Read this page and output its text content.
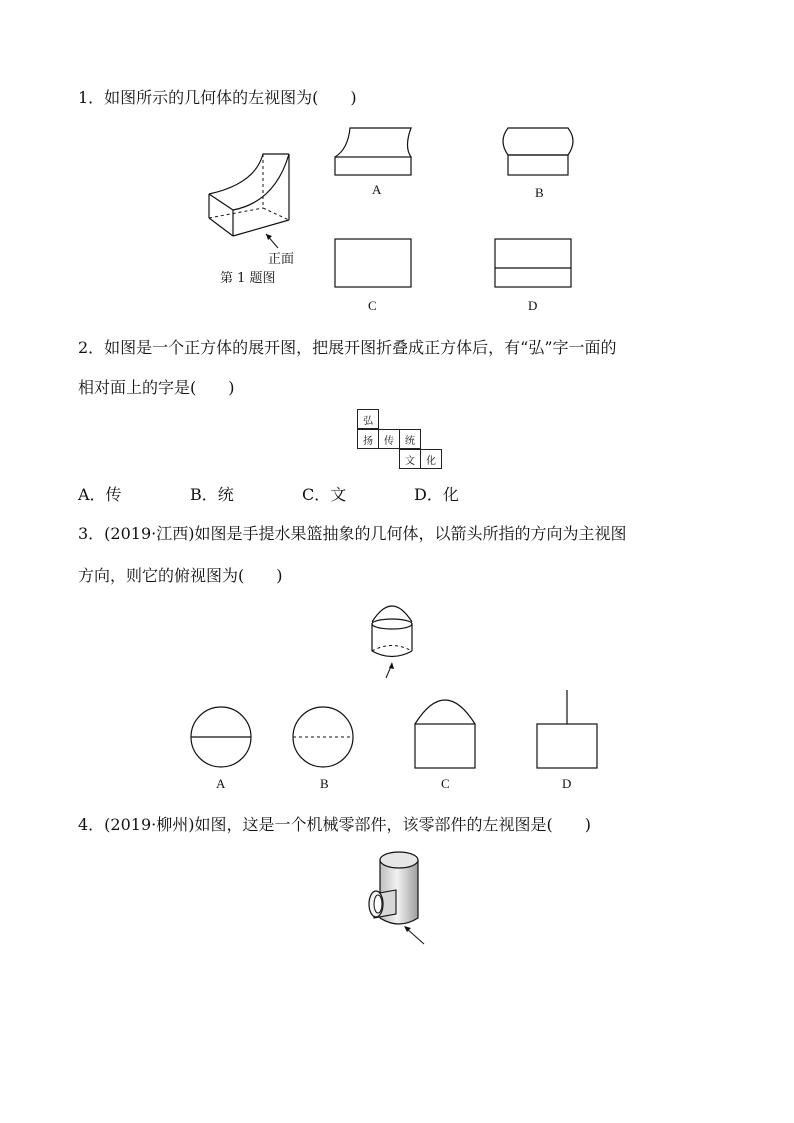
1．如图所示的几何体的左视图为(　　)
正面
第 1 题图
A	B
C	D
2．如图是一个正方体的展开图，把展开图折叠成正方体后，有“弘”字一面的
相对面上的字是(　　)
弘
扬	传	统
文	化
A．传	B．统	C．文	D．化
3．(2019·江西)如图是手提水果篮抽象的几何体，以箭头所指的方向为主视图
方向，则它的俯视图为(　　)
A	B	C	D
4．(2019·柳州)如图，这是一个机械零部件，该零部件的左视图是(　　)
